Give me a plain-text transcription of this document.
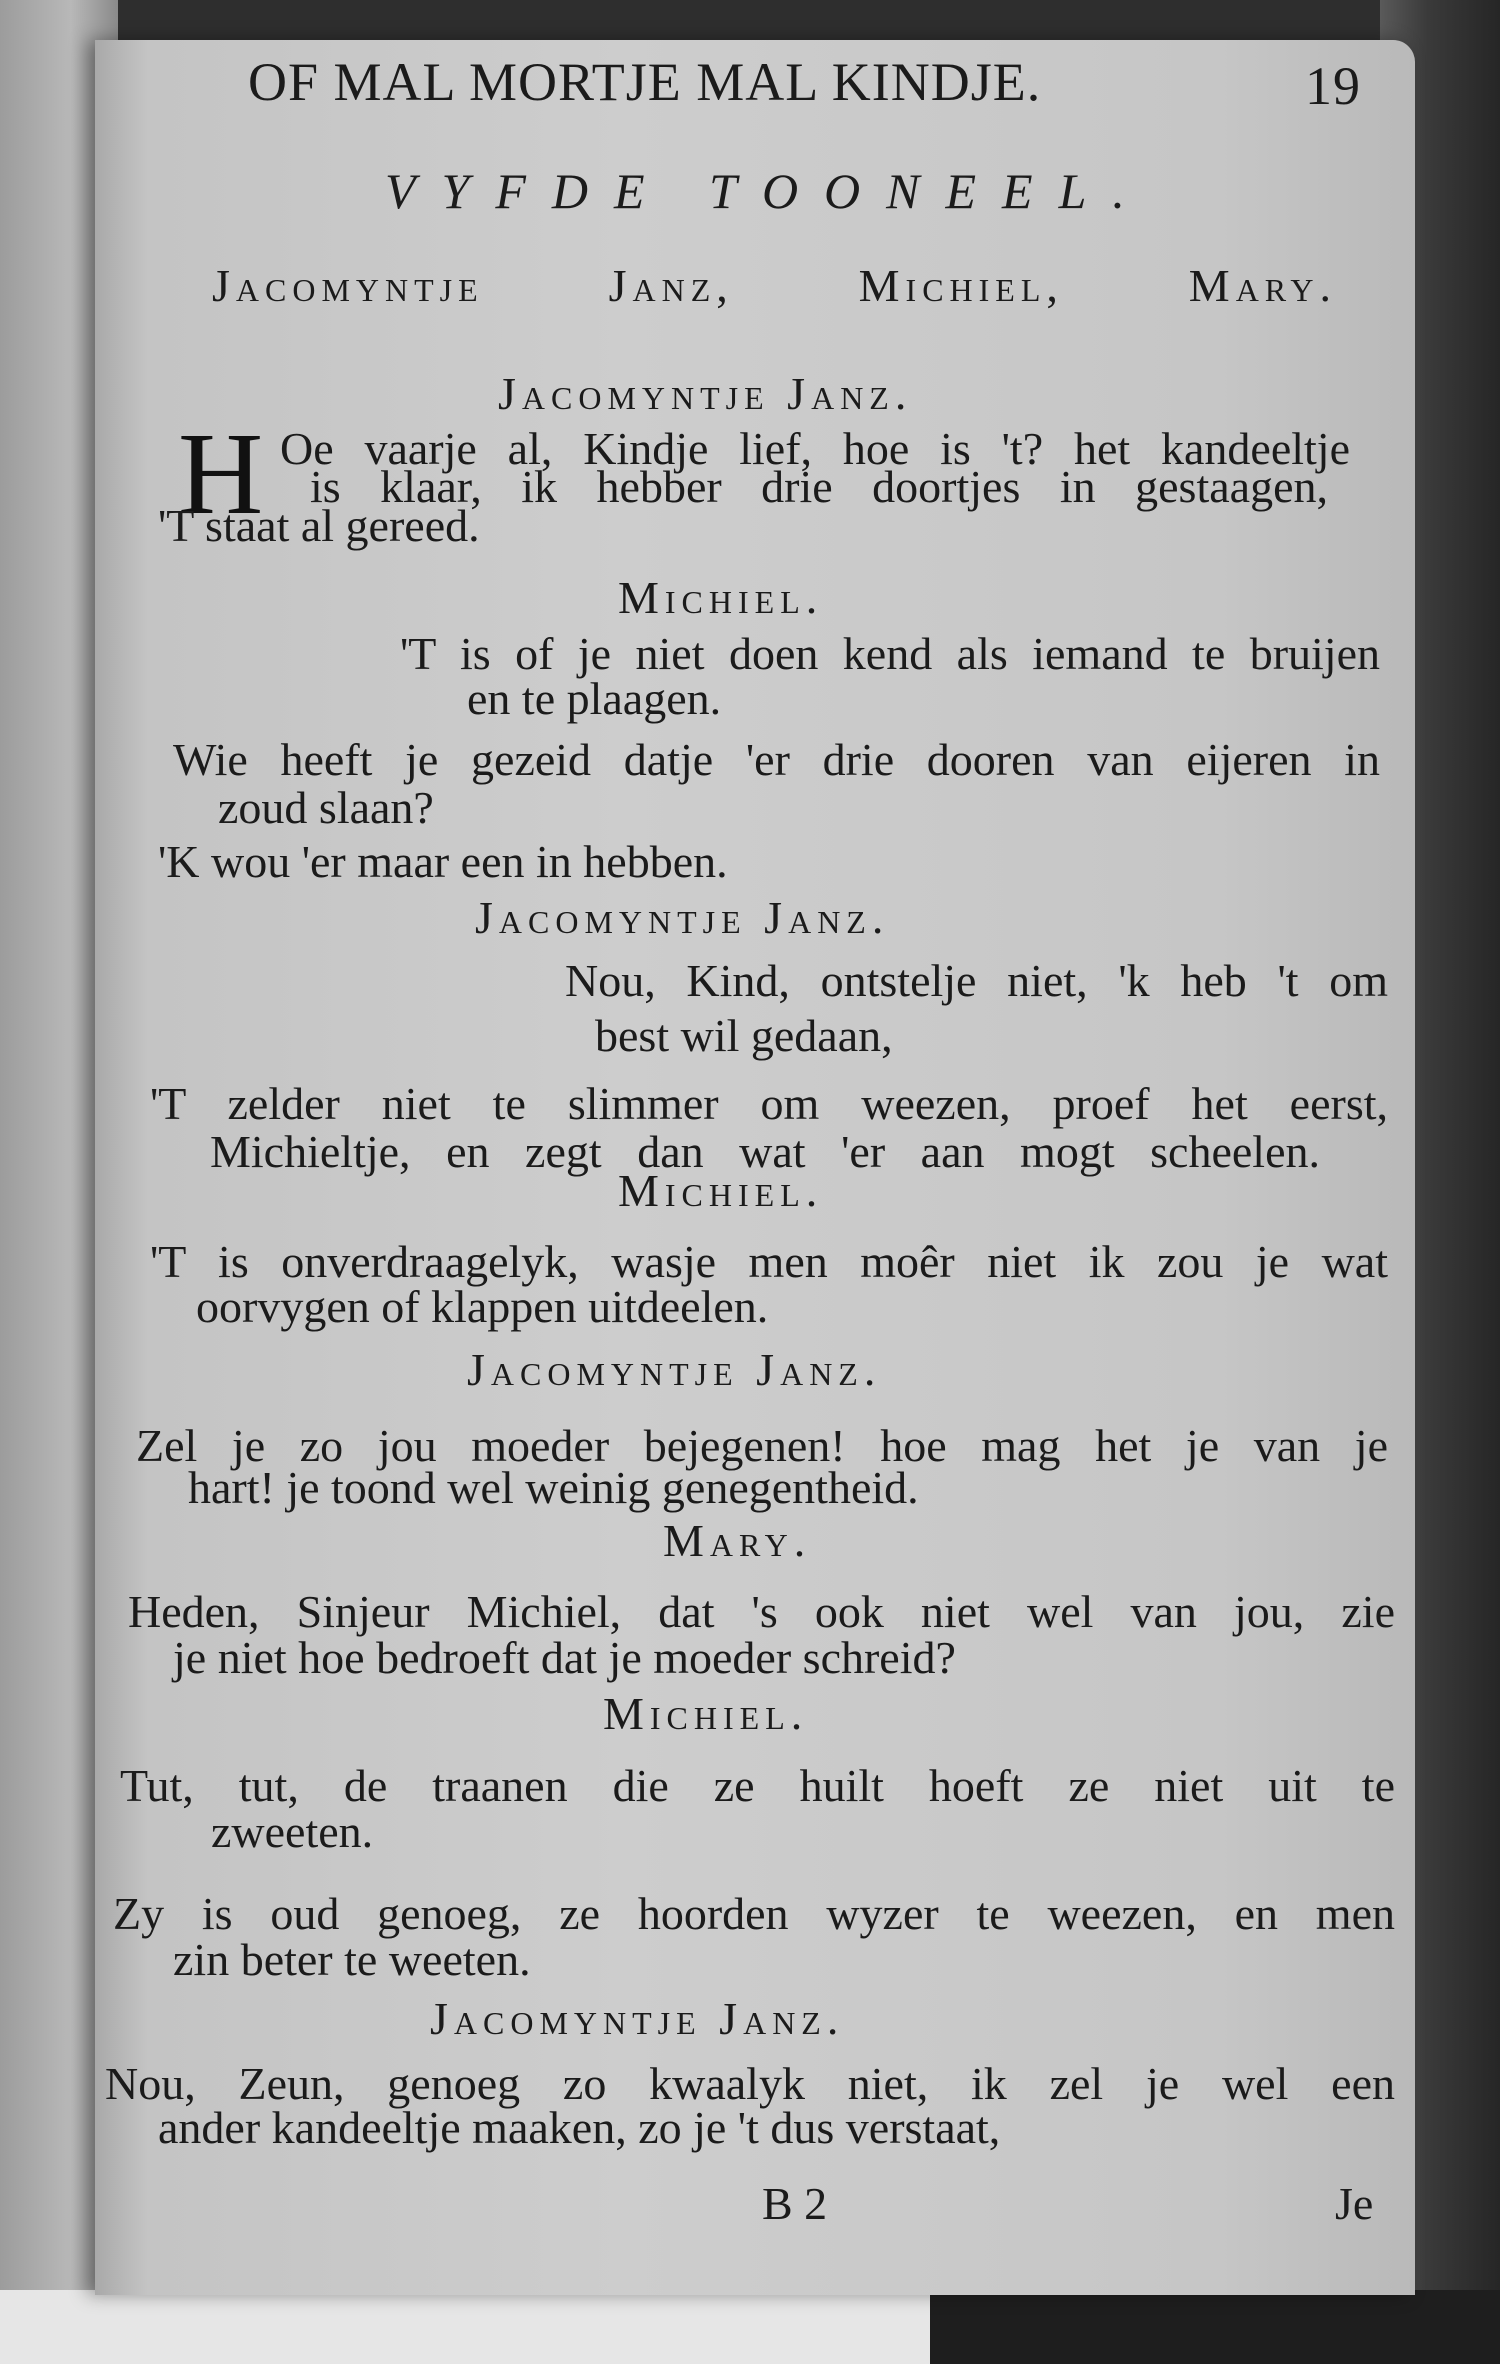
OF MAL MORTJE MAL KINDJE.	19
VYFDE TOONEEL.
Jacomyntje Janz, Michiel, Mary.
Jacomyntje Janz.
H Oe vaarje al, Kindje lief, hoe is 't? het kandeeltje
is klaar, ik hebber drie doortjes in gestaagen,
'T staat al gereed.
Michiel.
'T is of je niet doen kend als iemand te bruijen
en te plaagen.
Wie heeft je gezeid datje 'er drie dooren van eijeren in
zoud slaan?
'K wou 'er maar een in hebben.
Jacomyntje Janz.
Nou, Kind, ontstelje niet, 'k heb 't om
best wil gedaan,
'T zelder niet te slimmer om weezen, proef het eerst,
Michieltje, en zegt dan wat 'er aan mogt scheelen.
Michiel.
'T is onverdraagelyk, wasje men moêr niet ik zou je wat
oorvygen of klappen uitdeelen.
Jacomyntje Janz.
Zel je zo jou moeder bejegenen! hoe mag het je van je
hart! je toond wel weinig genegentheid.
Mary.
Heden, Sinjeur Michiel, dat 's ook niet wel van jou, zie
je niet hoe bedroeft dat je moeder schreid?
Michiel.
Tut, tut, de traanen die ze huilt hoeft ze niet uit te
zweeten.
Zy is oud genoeg, ze hoorden wyzer te weezen, en men
zin beter te weeten.
Jacomyntje Janz.
Nou, Zeun, genoeg zo kwaalyk niet, ik zel je wel een
ander kandeeltje maaken, zo je 't dus verstaat,
B 2	Je
